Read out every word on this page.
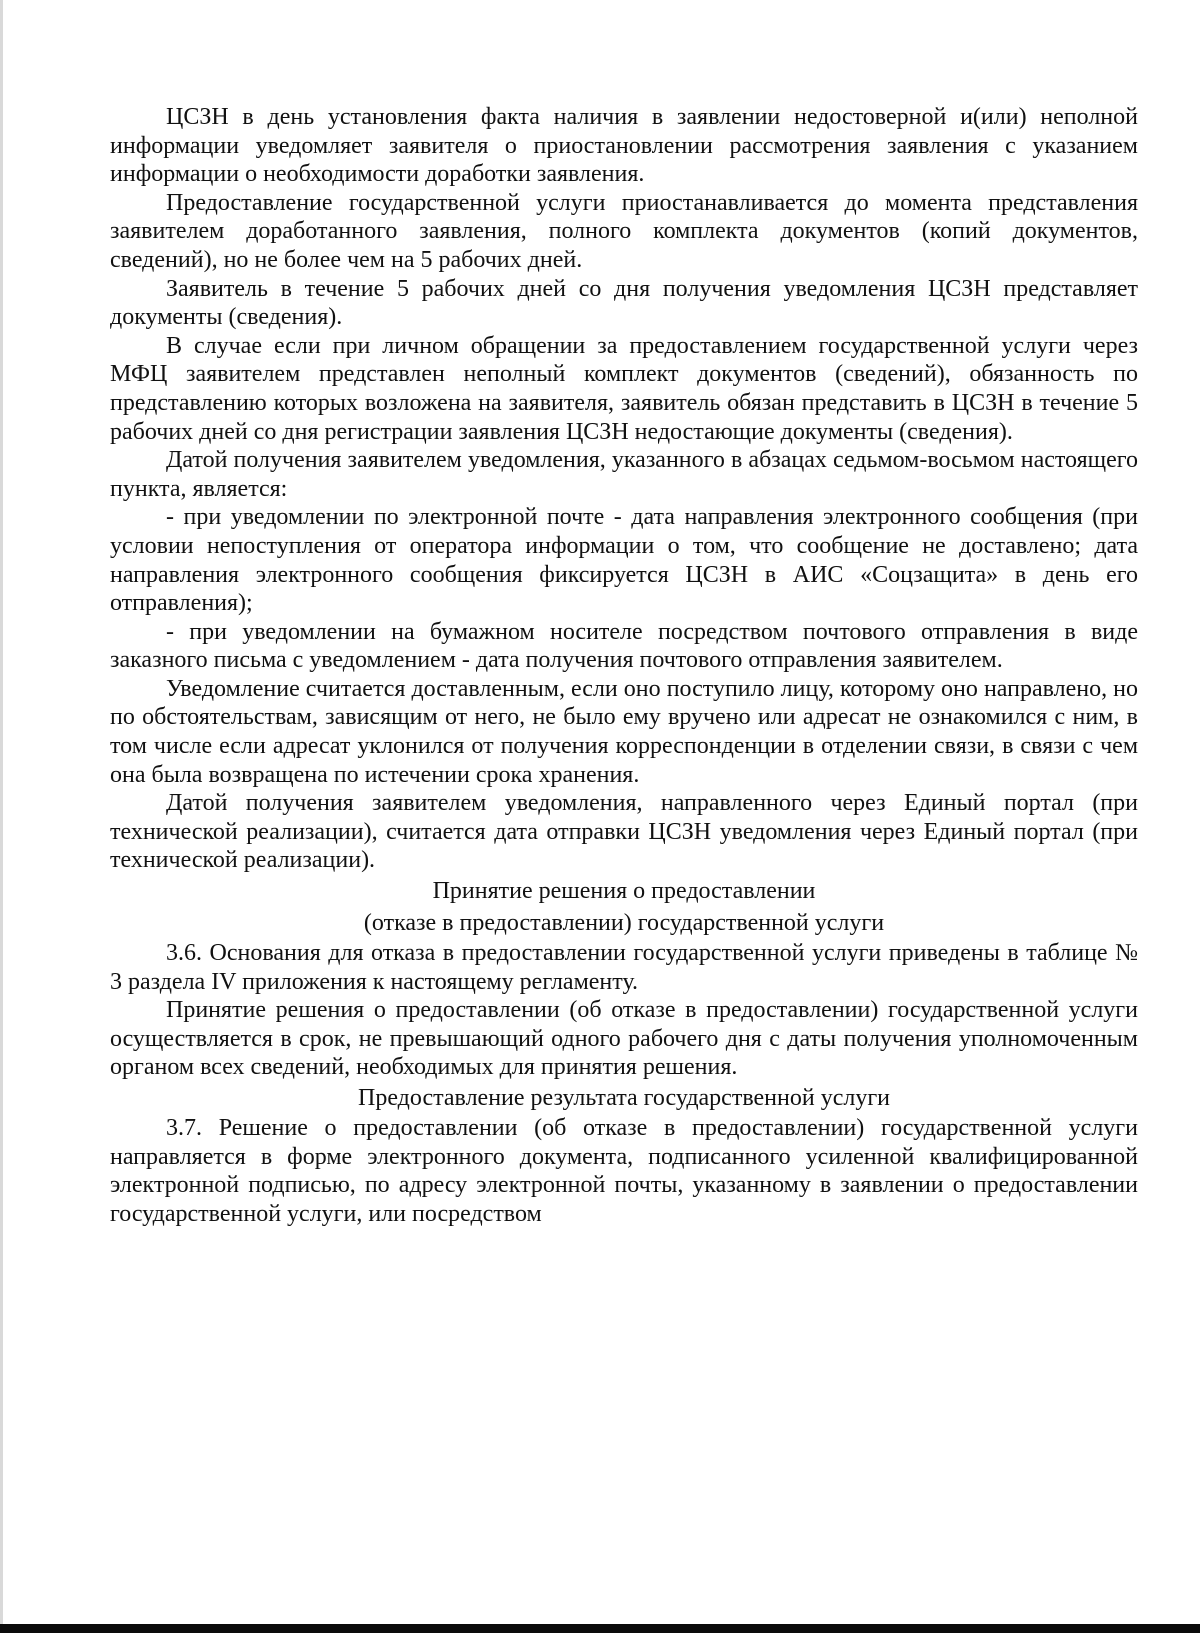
ЦСЗН в день установления факта наличия в заявлении недостоверной и(или) неполной информации уведомляет заявителя о приостановлении рассмотрения заявления с указанием информации о необходимости доработки заявления.

Предоставление государственной услуги приостанавливается до момента представления заявителем доработанного заявления, полного комплекта документов (копий документов, сведений), но не более чем на 5 рабочих дней.

Заявитель в течение 5 рабочих дней со дня получения уведомления ЦСЗН представляет документы (сведения).

В случае если при личном обращении за предоставлением государственной услуги через МФЦ заявителем представлен неполный комплект документов (сведений), обязанность по представлению которых возложена на заявителя, заявитель обязан представить в ЦСЗН в течение 5 рабочих дней со дня регистрации заявления ЦСЗН недостающие документы (сведения).

Датой получения заявителем уведомления, указанного в абзацах седьмом-восьмом настоящего пункта, является:

- при уведомлении по электронной почте - дата направления электронного сообщения (при условии непоступления от оператора информации о том, что сообщение не доставлено; дата направления электронного сообщения фиксируется ЦСЗН в АИС «Соцзащита» в день его отправления);

- при уведомлении на бумажном носителе посредством почтового отправления в виде заказного письма с уведомлением - дата получения почтового отправления заявителем.

Уведомление считается доставленным, если оно поступило лицу, которому оно направлено, но по обстоятельствам, зависящим от него, не было ему вручено или адресат не ознакомился с ним, в том числе если адресат уклонился от получения корреспонденции в отделении связи, в связи с чем она была возвращена по истечении срока хранения.

Датой получения заявителем уведомления, направленного через Единый портал (при технической реализации), считается дата отправки ЦСЗН уведомления через Единый портал (при технической реализации).

Принятие решения о предоставлении
(отказе в предоставлении) государственной услуги

3.6. Основания для отказа в предоставлении государственной услуги приведены в таблице № 3 раздела IV приложения к настоящему регламенту.

Принятие решения о предоставлении (об отказе в предоставлении) государственной услуги осуществляется в срок, не превышающий одного рабочего дня с даты получения уполномоченным органом всех сведений, необходимых для принятия решения.

Предоставление результата государственной услуги

3.7. Решение о предоставлении (об отказе в предоставлении) государственной услуги направляется в форме электронного документа, подписанного усиленной квалифицированной электронной подписью, по адресу электронной почты, указанному в заявлении о предоставлении государственной услуги, или посредством
